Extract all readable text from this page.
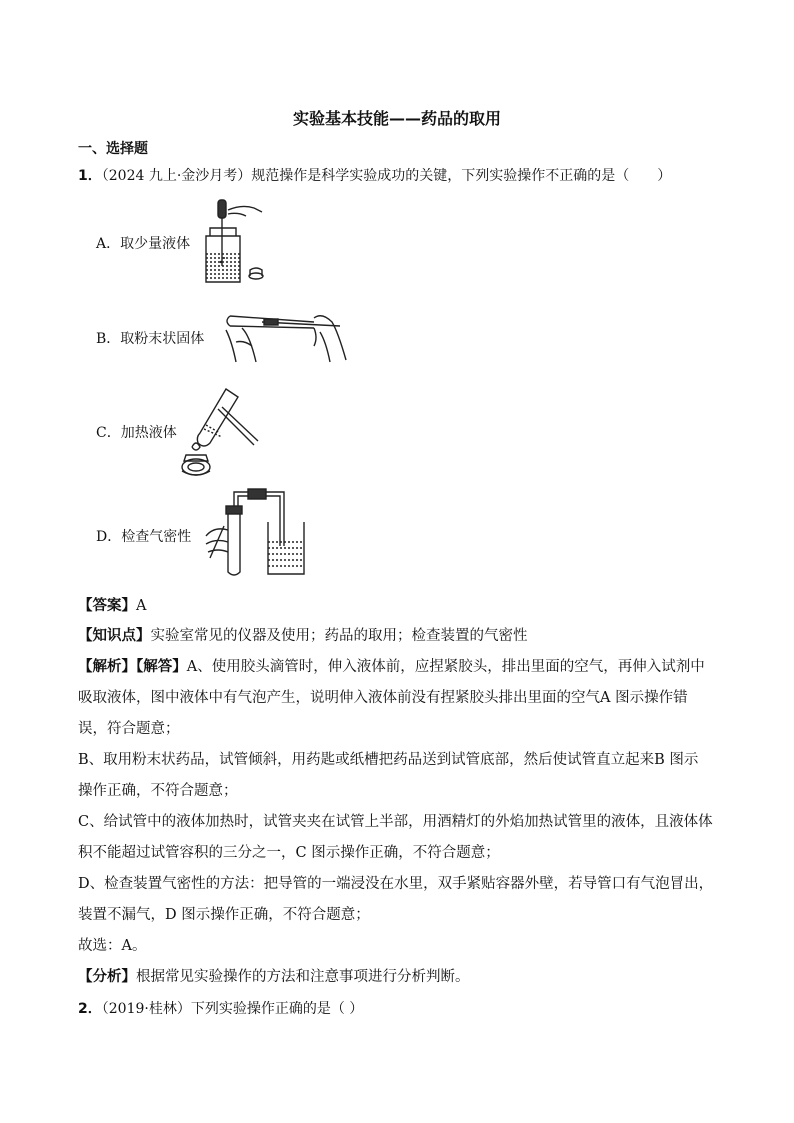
实验基本技能——药品的取用
一、选择题
1．（2024 九上·金沙月考）规范操作是科学实验成功的关键，下列实验操作不正确的是（　　）
A．取少量液体
B．取粉末状固体
C．加热液体
D．检查气密性
【答案】A
【知识点】实验室常见的仪器及使用；药品的取用；检查装置的气密性
【解析】【解答】A、使用胶头滴管时，伸入液体前，应捏紧胶头，排出里面的空气，再伸入试剂中
吸取液体，图中液体中有气泡产生，说明伸入液体前没有捏紧胶头排出里面的空气A 图示操作错
误，符合题意；
B、取用粉末状药品，试管倾斜，用药匙或纸槽把药品送到试管底部，然后使试管直立起来B 图示
操作正确，不符合题意；
C、给试管中的液体加热时，试管夹夹在试管上半部，用酒精灯的外焰加热试管里的液体，且液体体
积不能超过试管容积的三分之一，C 图示操作正确，不符合题意；
D、检查装置气密性的方法：把导管的一端浸没在水里，双手紧贴容器外壁，若导管口有气泡冒出，
装置不漏气，D 图示操作正确，不符合题意；
故选：A。
【分析】根据常见实验操作的方法和注意事项进行分析判断。
2．（2019·桂林）下列实验操作正确的是（ ）
